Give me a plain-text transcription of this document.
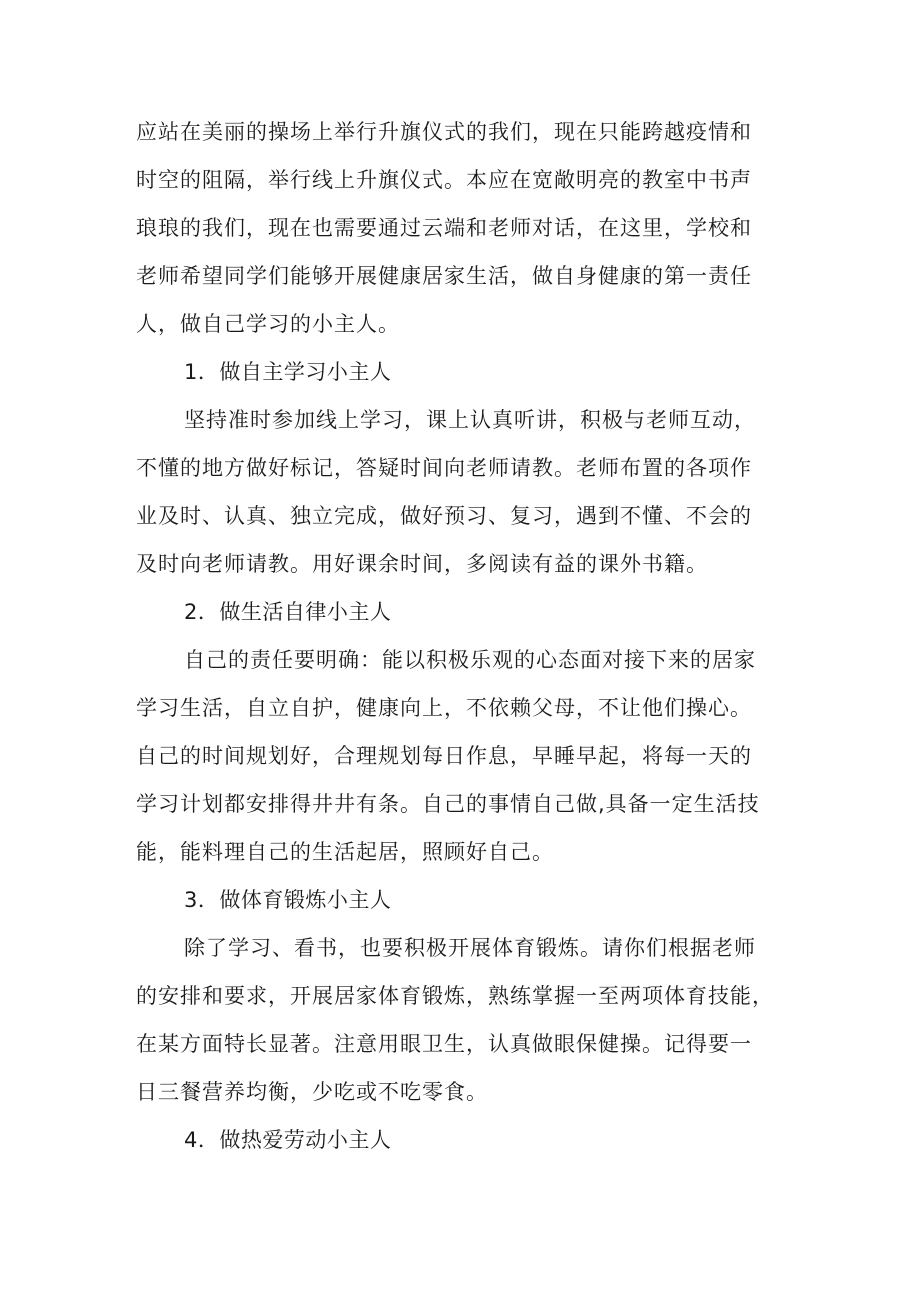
应站在美丽的操场上举行升旗仪式的我们，现在只能跨越疫情和
时空的阻隔，举行线上升旗仪式。本应在宽敞明亮的教室中书声
琅琅的我们，现在也需要通过云端和老师对话，在这里，学校和
老师希望同学们能够开展健康居家生活，做自身健康的第一责任
人，做自己学习的小主人。
1．做自主学习小主人
坚持准时参加线上学习，课上认真听讲，积极与老师互动，
不懂的地方做好标记，答疑时间向老师请教。老师布置的各项作
业及时、认真、独立完成，做好预习、复习，遇到不懂、不会的
及时向老师请教。用好课余时间，多阅读有益的课外书籍。
2．做生活自律小主人
自己的责任要明确：能以积极乐观的心态面对接下来的居家
学习生活，自立自护，健康向上，不依赖父母，不让他们操心。
自己的时间规划好，合理规划每日作息，早睡早起，将每一天的
学习计划都安排得井井有条。自己的事情自己做,具备一定生活技
能，能料理自己的生活起居，照顾好自己。
3．做体育锻炼小主人
除了学习、看书，也要积极开展体育锻炼。请你们根据老师
的安排和要求，开展居家体育锻炼，熟练掌握一至两项体育技能，
在某方面特长显著。注意用眼卫生，认真做眼保健操。记得要一
日三餐营养均衡，少吃或不吃零食。
4．做热爱劳动小主人
